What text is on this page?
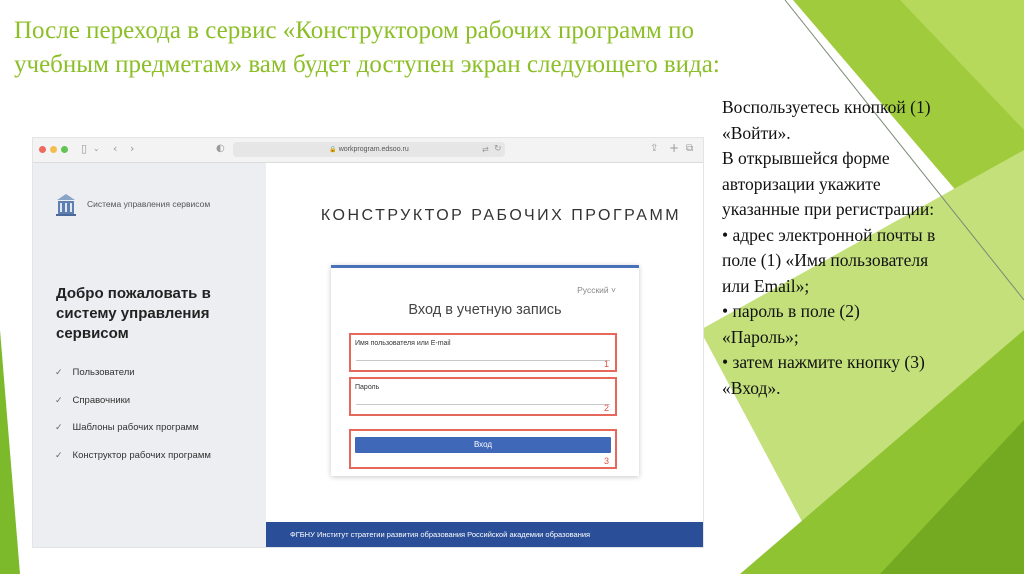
После перехода в сервис «Конструктором рабочих программ по учебным предметам» вам будет доступен экран следующего вида:
Воспользуетесь кнопкой (1)
«Войти».
В открывшейся форме
авторизации укажите
указанные при регистрации:
• адрес электронной почты в
поле (1) «Имя пользователя
или Email»;
• пароль в поле (2)
«Пароль»;
• затем нажмите кнопку (3)
«Вход».
▯ ⌄ ‹ ›	◐	🔒 workprogram.edsoo.ru	⇄ ↻	⇪ + ⧉
Система управления сервисом
Добро пожаловать в систему управления сервисом
✓ Пользователи
✓ Справочники
✓ Шаблоны рабочих программ
✓ Конструктор рабочих программ
КОНСТРУКТОР РАБОЧИХ ПРОГРАММ
Русский ˅
Вход в учетную запись
Имя пользователя или E-mail
1
Пароль
2
Вход
3
ФГБНУ Институт стратегии развития образования Российской академии образования
